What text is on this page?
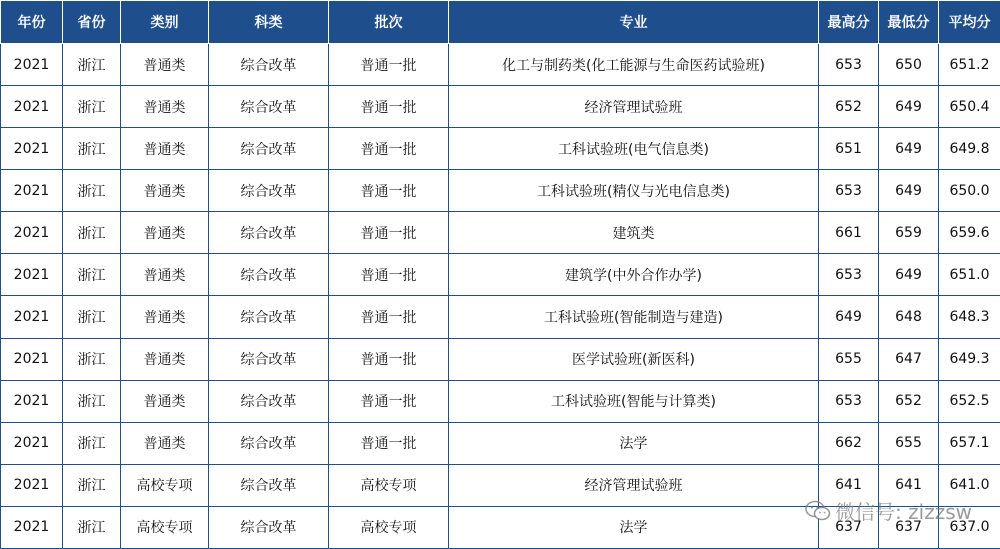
年份	省份	类别	科类	批次	专业	最高分	最低分	平均分
2021	浙江	普通类	综合改革	普通一批	化工与制药类(化工能源与生命医药试验班)	653	650	651.2
2021	浙江	普通类	综合改革	普通一批	经济管理试验班	652	649	650.4
2021	浙江	普通类	综合改革	普通一批	工科试验班(电气信息类)	651	649	649.8
2021	浙江	普通类	综合改革	普通一批	工科试验班(精仪与光电信息类)	653	649	650.0
2021	浙江	普通类	综合改革	普通一批	建筑类	661	659	659.6
2021	浙江	普通类	综合改革	普通一批	建筑学(中外合作办学)	653	649	651.0
2021	浙江	普通类	综合改革	普通一批	工科试验班(智能制造与建造)	649	648	648.3
2021	浙江	普通类	综合改革	普通一批	医学试验班(新医科)	655	647	649.3
2021	浙江	普通类	综合改革	普通一批	工科试验班(智能与计算类)	653	652	652.5
2021	浙江	普通类	综合改革	普通一批	法学	662	655	657.1
2021	浙江	高校专项	综合改革	高校专项	经济管理试验班	641	641	641.0
2021	浙江	高校专项	综合改革	高校专项	法学	637	637	637.0
微信号: zizzsw
